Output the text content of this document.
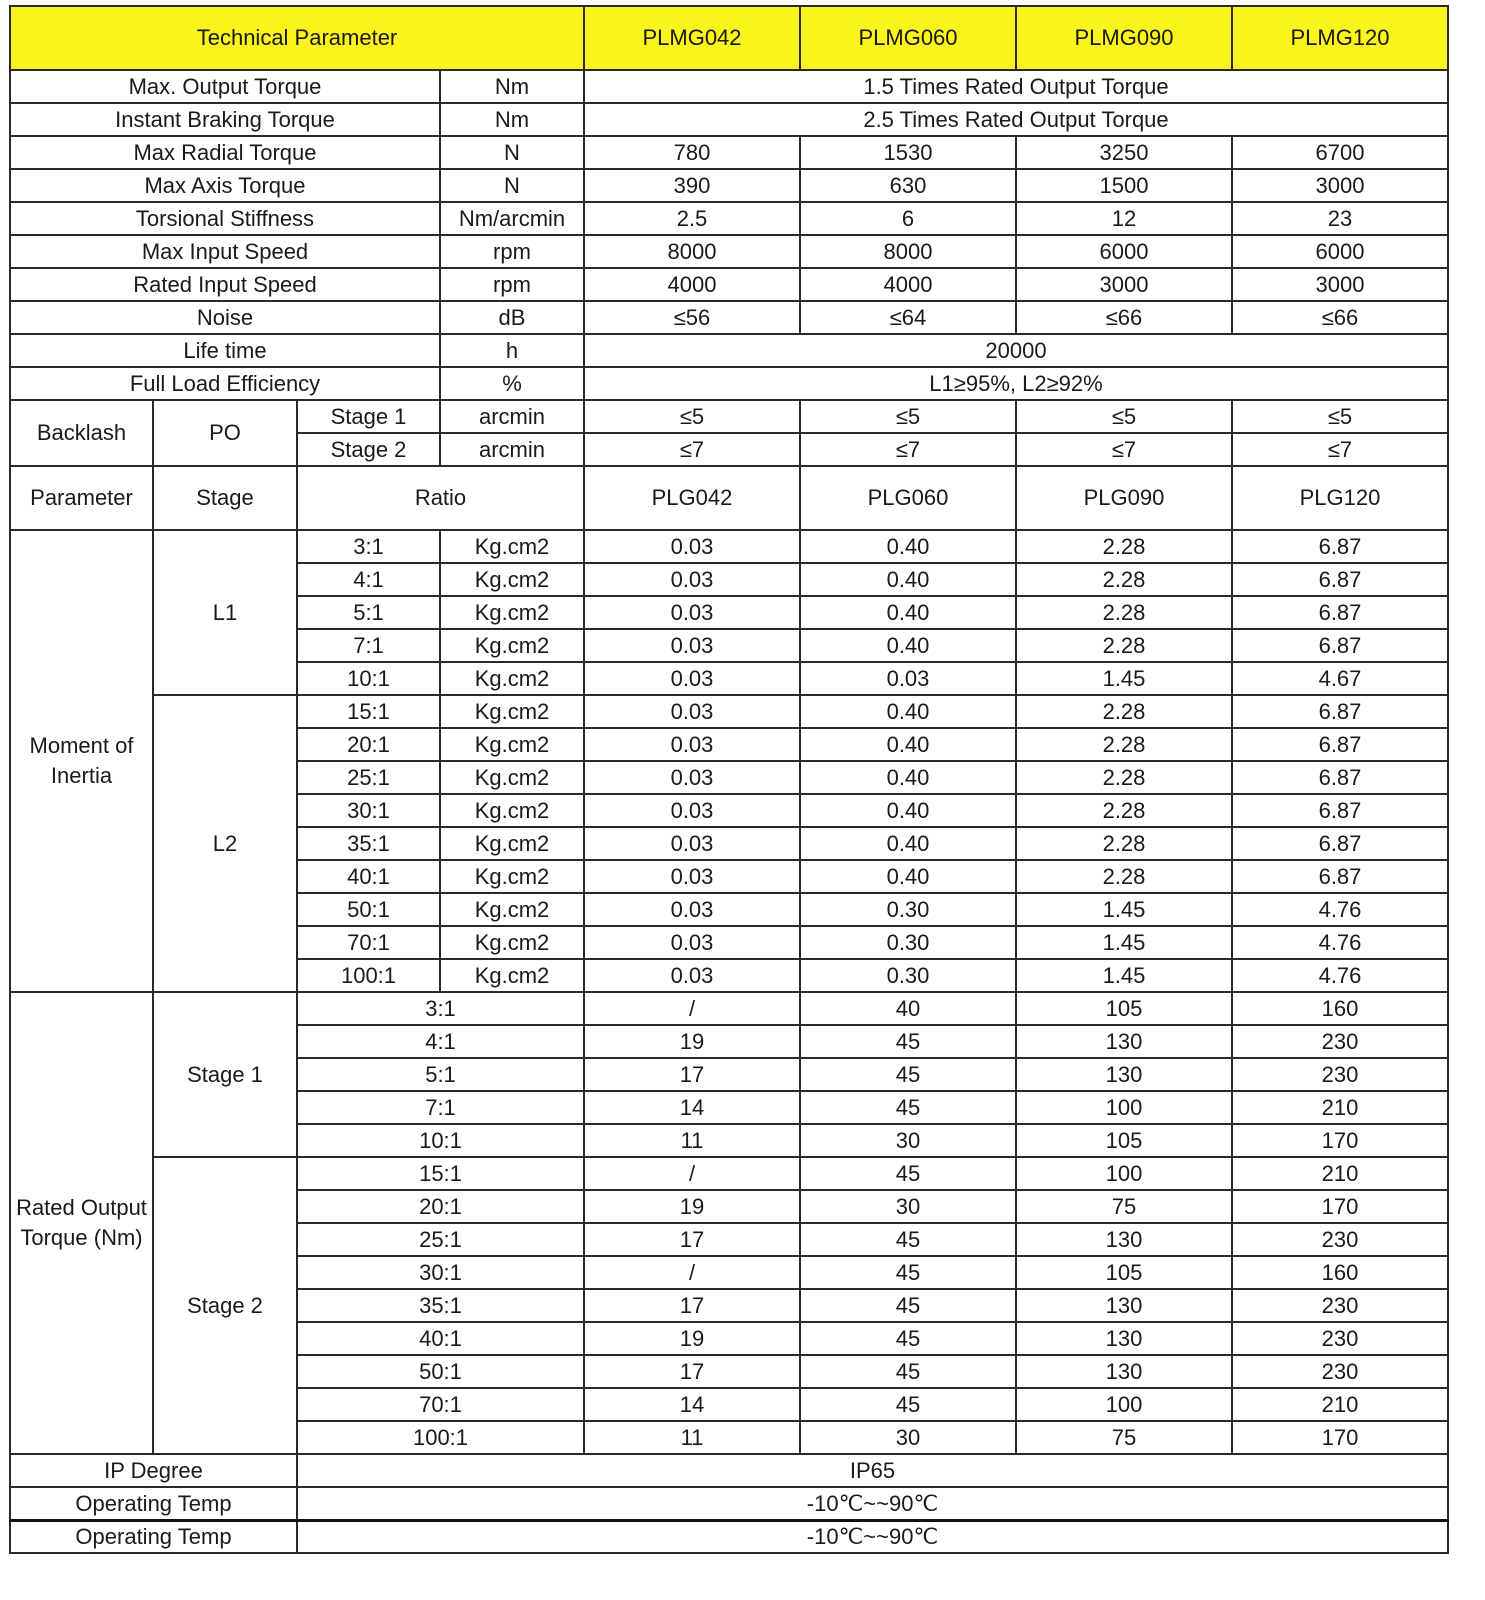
Technical Parameter				PLMG042	PLMG060	PLMG090	PLMG120
Max. Output Torque			Nm	1.5 Times Rated Output Torque			
Instant Braking Torque			Nm	2.5 Times Rated Output Torque			
Max Radial Torque			N	780	1530	3250	6700
Max Axis Torque			N	390	630	1500	3000
Torsional Stiffness			Nm/arcmin	2.5	6	12	23
Max Input Speed			rpm	8000	8000	6000	6000
Rated Input Speed			rpm	4000	4000	3000	3000
Noise			dB	≤56	≤64	≤66	≤66
Life time			h	20000			
Full Load Efficiency			%	L1≥95%, L2≥92%			
Backlash	PO	Stage 1	arcmin	≤5	≤5	≤5	≤5
		Stage 2	arcmin	≤7	≤7	≤7	≤7
Parameter	Stage	Ratio		PLG042	PLG060	PLG090	PLG120
Moment of Inertia	L1	3:1	Kg.cm2	0.03	0.40	2.28	6.87
		4:1	Kg.cm2	0.03	0.40	2.28	6.87
		5:1	Kg.cm2	0.03	0.40	2.28	6.87
		7:1	Kg.cm2	0.03	0.40	2.28	6.87
		10:1	Kg.cm2	0.03	0.03	1.45	4.67
	L2	15:1	Kg.cm2	0.03	0.40	2.28	6.87
		20:1	Kg.cm2	0.03	0.40	2.28	6.87
		25:1	Kg.cm2	0.03	0.40	2.28	6.87
		30:1	Kg.cm2	0.03	0.40	2.28	6.87
		35:1	Kg.cm2	0.03	0.40	2.28	6.87
		40:1	Kg.cm2	0.03	0.40	2.28	6.87
		50:1	Kg.cm2	0.03	0.30	1.45	4.76
		70:1	Kg.cm2	0.03	0.30	1.45	4.76
		100:1	Kg.cm2	0.03	0.30	1.45	4.76
Rated Output Torque (Nm)	Stage 1	3:1		/	40	105	160
		4:1		19	45	130	230
		5:1		17	45	130	230
		7:1		14	45	100	210
		10:1		11	30	105	170
	Stage 2	15:1		/	45	100	210
		20:1		19	30	75	170
		25:1		17	45	130	230
		30:1		/	45	105	160
		35:1		17	45	130	230
		40:1		19	45	130	230
		50:1		17	45	130	230
		70:1		14	45	100	210
		100:1		11	30	75	170
IP Degree		IP65					
Operating Temp		-10℃~~90℃					
Operating Temp		-10℃~~90℃					
